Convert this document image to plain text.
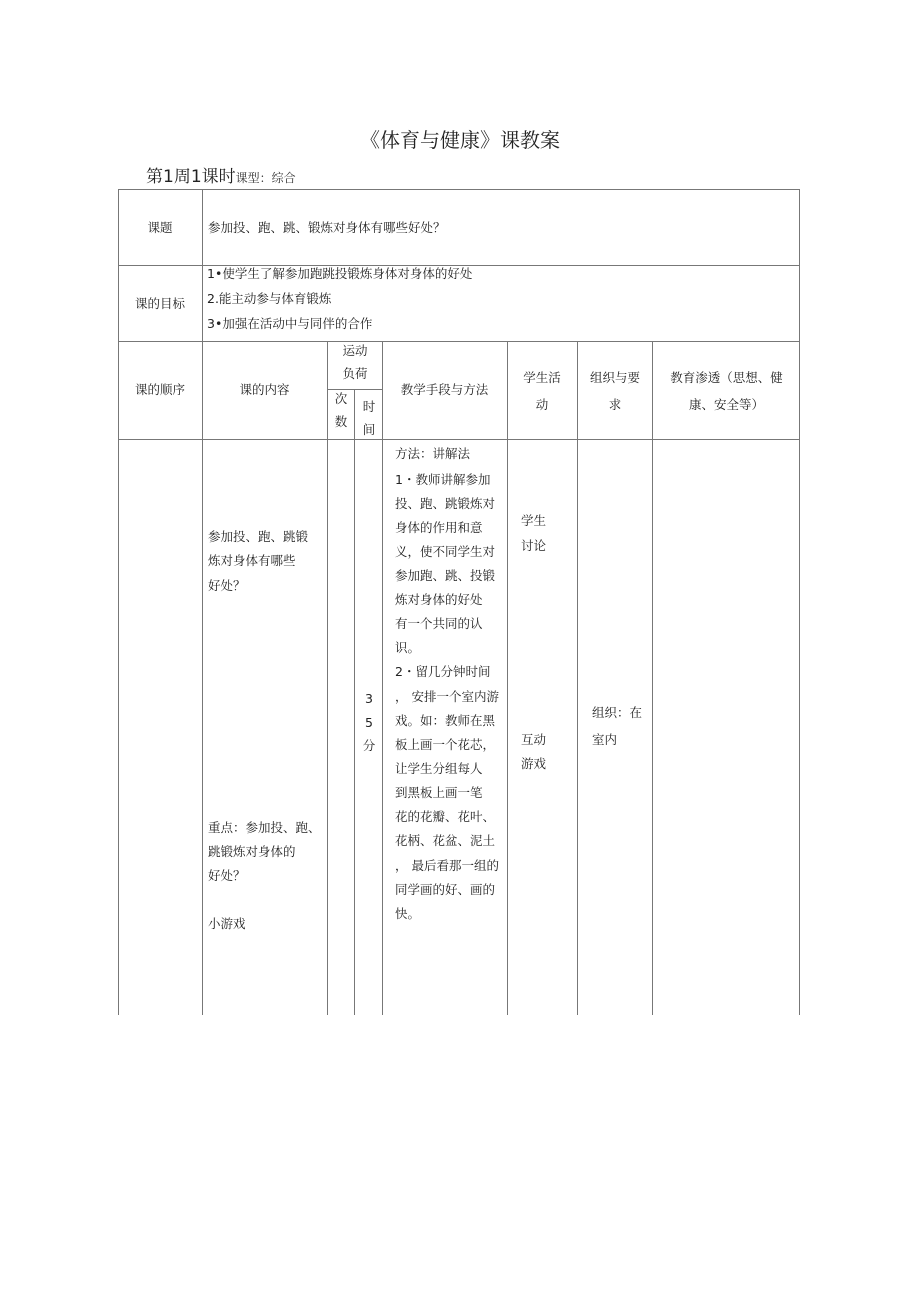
《体育与健康》课教案
第1周1课时课型：综合
课题	参加投、跑、跳、锻炼对身体有哪些好处？
课的目标
1•使学生了解参加跑跳投锻炼身体对身体的好处
2.能主动参与体育锻炼
3•加强在活动中与同伴的合作
课的顺序	课的内容
运动负荷
次数
时间
教学手段与方法
学生活动
组织与要求
教育渗透（思想、健康、安全等）
参加投、跑、跳锻
炼对身体有哪些
好处？
重点：参加投、跑、
跳锻炼对身体的
好处？
小游戏
3
5
分
方法：讲解法
1・教师讲解参加
投、跑、跳锻炼对
身体的作用和意
义，使不同学生对
参加跑、跳、投锻
炼对身体的好处
有一个共同的认
识。
2・留几分钟时间
， 安排一个室内游
戏。如：教师在黑
板上画一个花芯，
让学生分组每人
到黑板上画一笔
花的花瓣、花叶、
花柄、花盆、泥土
， 最后看那一组的
同学画的好、画的
快。
学生
讨论
互动
游戏
组织：在
室内
